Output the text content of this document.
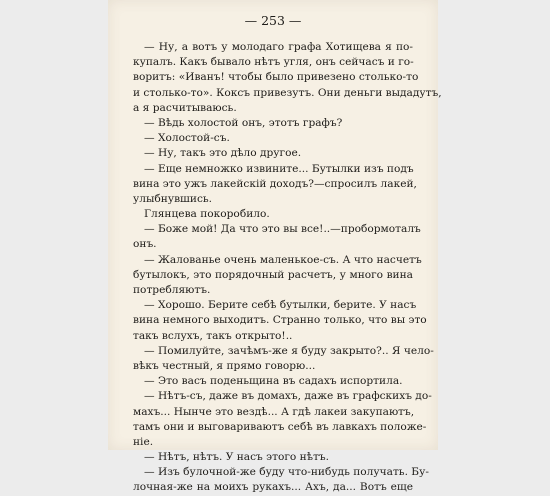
— 253 —
— Ну, а вотъ у молодаго графа Хотищева я по-
купалъ. Какъ бывало нѣтъ угля, онъ сейчасъ и го-
воритъ: «Иванъ! чтобы было привезено столько-то
и столько-то». Коксъ привезутъ. Они деньги выдадутъ,
а я расчитываюсь.
— Вѣдь холостой онъ, этотъ графъ?
— Холостой-съ.
— Ну, такъ это дѣло другое.
— Еще немножко извините... Бутылки изъ подъ
вина это ужъ лакейскій доходъ?—спросилъ лакей,
улыбнувшись.
Глянцева покоробило.
— Боже мой! Да что это вы все!..—пробормоталъ
онъ.
— Жалованье очень маленькое-съ. А что насчетъ
бутылокъ, это порядочный расчетъ, у много вина
потребляютъ.
— Хорошо. Берите себѣ бутылки, берите. У насъ
вина немного выходитъ. Странно только, что вы это
такъ вслухъ, такъ открыто!..
— Помилуйте, зачѣмъ-же я буду закрыто?.. Я чело-
вѣкъ честный, я прямо говорю...
— Это васъ поденьщина въ садахъ испортила.
— Нѣтъ-съ, даже въ домахъ, даже въ графскихъ до-
махъ... Нынче это вездѣ... А гдѣ лакеи закупаютъ,
тамъ они и выговариваютъ себѣ въ лавкахъ положе-
ніе.
— Нѣтъ, нѣтъ. У насъ этого нѣтъ.
— Изъ булочной-же буду что-нибудь получать. Бу-
лочная-же на моихъ рукахъ... Ахъ, да... Вотъ еще
